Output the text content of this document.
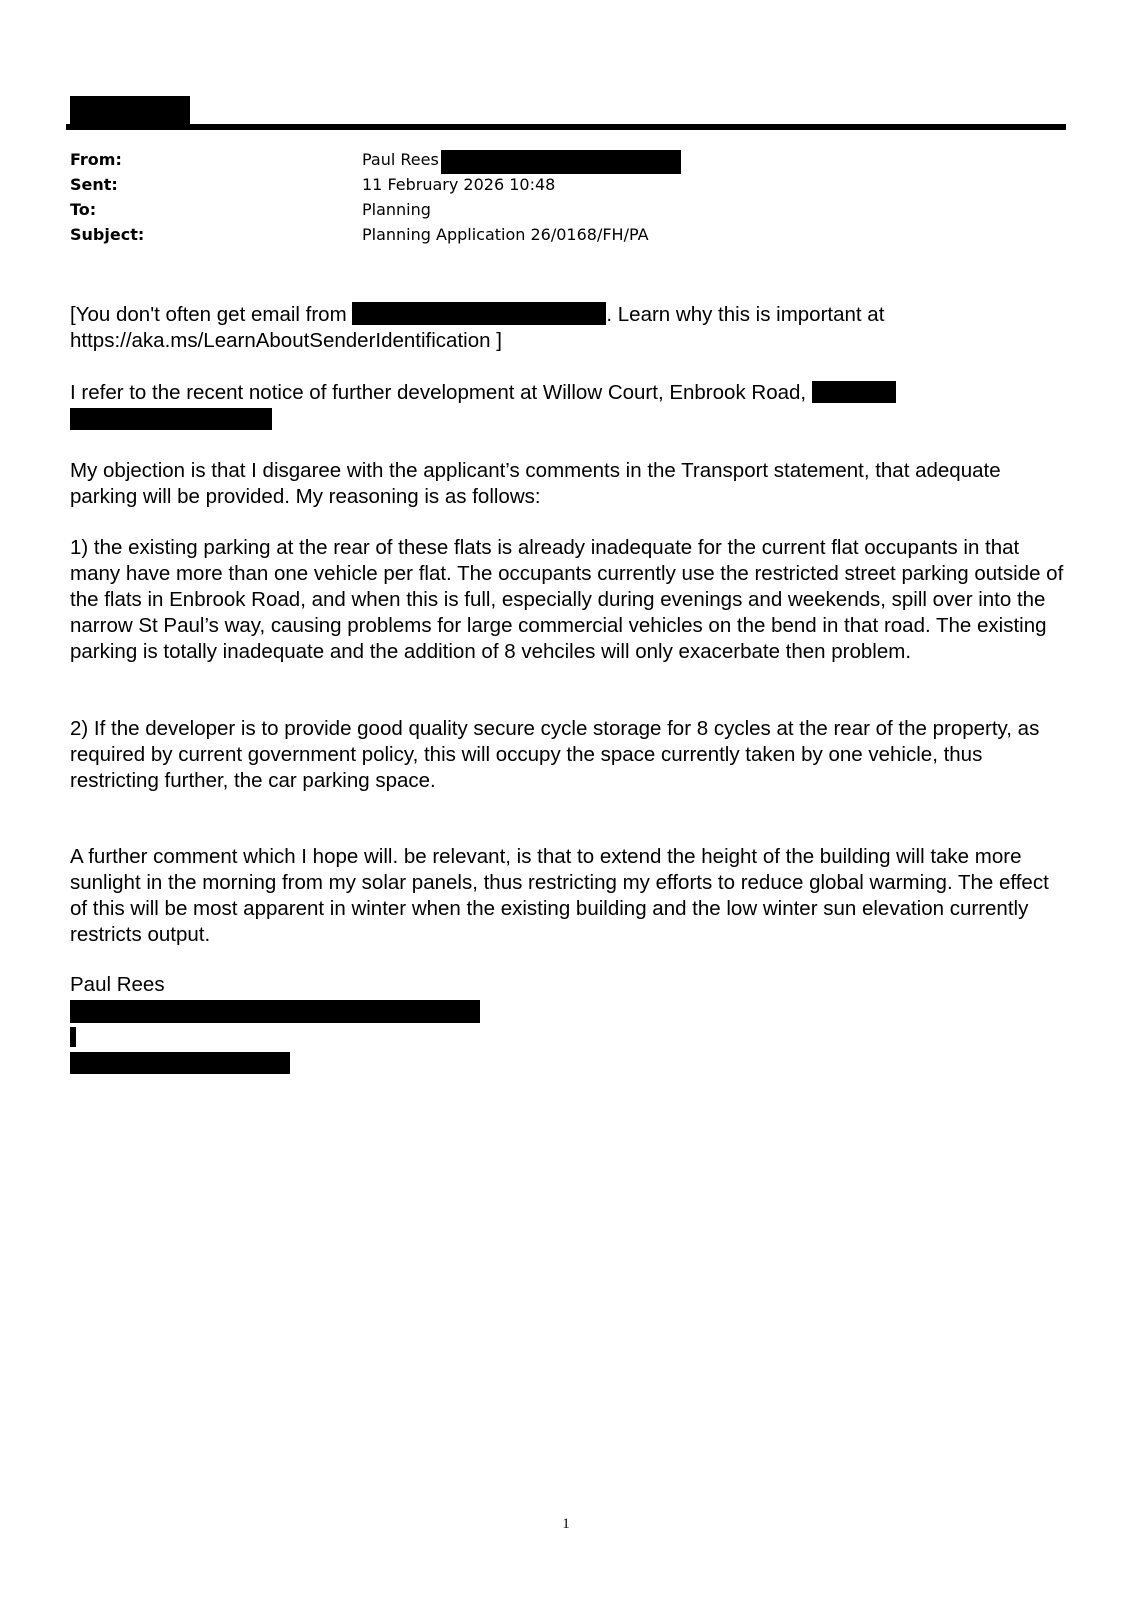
From:	Paul Rees
Sent:	11 February 2026 10:48
To:	Planning
Subject:	Planning Application 26/0168/FH/PA
[You don't often get email from	. Learn why this is important at
https://aka.ms/LearnAboutSenderIdentification ]
I refer to the recent notice of further development at Willow Court, Enbrook Road,

My objection is that I disgaree with the applicant’s comments in the Transport statement, that adequate parking will be provided. My reasoning is as follows:

1) the existing parking at the rear of these flats is already inadequate for the current flat occupants in that many have more than one vehicle per flat. The occupants currently use the restricted street parking outside of the flats in Enbrook Road, and when this is full, especially during evenings and weekends, spill over into the narrow St Paul’s way, causing problems for large commercial vehicles on the bend in that road. The existing parking is totally inadequate and the addition of 8 vehciles will only exacerbate then problem.

2) If the developer is to provide good quality secure cycle storage for 8 cycles at the rear of the property, as required by current government policy, this will occupy the space currently taken by one vehicle, thus restricting further, the car parking space.

A further comment which I hope will. be relevant, is that to extend the height of the building will take more sunlight in the morning from my solar panels, thus restricting my efforts to reduce global warming. The effect of this will be most apparent in winter when the existing building and the low winter sun elevation currently restricts output.

Paul Rees
1
